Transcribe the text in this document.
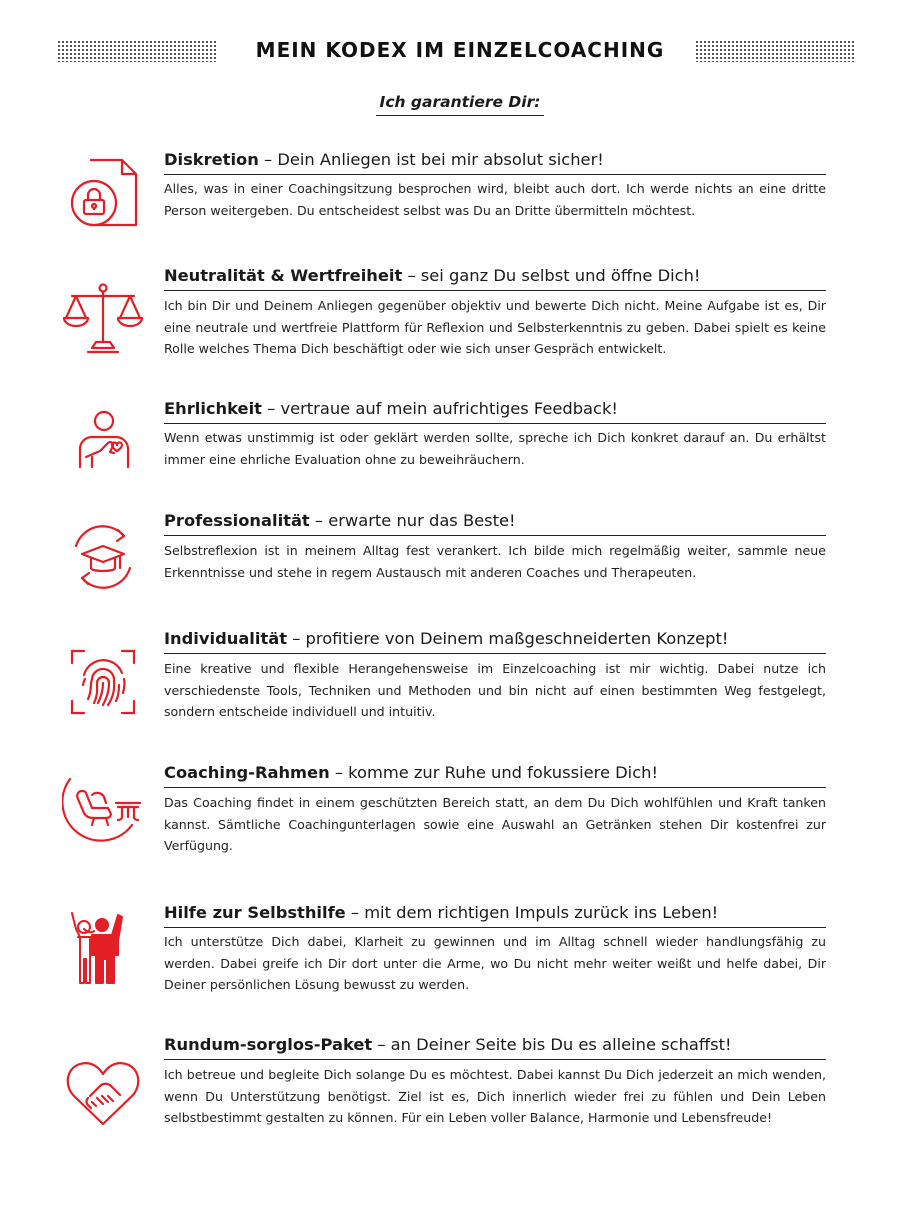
MEIN KODEX IM EINZELCOACHING
Ich garantiere Dir:
Diskretion – Dein Anliegen ist bei mir absolut sicher!
Alles, was in einer Coachingsitzung besprochen wird, bleibt auch dort. Ich werde nichts an eine dritte Person weitergeben. Du entscheidest selbst was Du an Dritte übermitteln möchtest.
Neutralität & Wertfreiheit – sei ganz Du selbst und öffne Dich!
Ich bin Dir und Deinem Anliegen gegenüber objektiv und bewerte Dich nicht. Meine Aufgabe ist es, Dir eine neutrale und wertfreie Plattform für Reflexion und Selbsterkenntnis zu geben. Dabei spielt es keine Rolle welches Thema Dich beschäftigt oder wie sich unser Gespräch entwickelt.
Ehrlichkeit – vertraue auf mein aufrichtiges Feedback!
Wenn etwas unstimmig ist oder geklärt werden sollte, spreche ich Dich konkret darauf an. Du erhältst immer eine ehrliche Evaluation ohne zu beweihräuchern.
Professionalität – erwarte nur das Beste!
Selbstreflexion ist in meinem Alltag fest verankert. Ich bilde mich regelmäßig weiter, sammle neue Erkenntnisse und stehe in regem Austausch mit anderen Coaches und Therapeuten.
Individualität – profitiere von Deinem maßgeschneiderten Konzept!
Eine kreative und flexible Herangehensweise im Einzelcoaching ist mir wichtig. Dabei nutze ich verschiedenste Tools, Techniken und Methoden und bin nicht auf einen bestimmten Weg festgelegt, sondern entscheide individuell und intuitiv.
Coaching-Rahmen – komme zur Ruhe und fokussiere Dich!
Das Coaching findet in einem geschützten Bereich statt, an dem Du Dich wohlfühlen und Kraft tanken kannst. Sämtliche Coachingunterlagen sowie eine Auswahl an Getränken stehen Dir kostenfrei zur Verfügung.
Hilfe zur Selbsthilfe – mit dem richtigen Impuls zurück ins Leben!
Ich unterstütze Dich dabei, Klarheit zu gewinnen und im Alltag schnell wieder handlungsfähig zu werden. Dabei greife ich Dir dort unter die Arme, wo Du nicht mehr weiter weißt und helfe dabei, Dir Deiner persönlichen Lösung bewusst zu werden.
Rundum-sorglos-Paket – an Deiner Seite bis Du es alleine schaffst!
Ich betreue und begleite Dich solange Du es möchtest. Dabei kannst Du Dich jederzeit an mich wenden, wenn Du Unterstützung benötigst. Ziel ist es, Dich innerlich wieder frei zu fühlen und Dein Leben selbstbestimmt gestalten zu können. Für ein Leben voller Balance, Harmonie und Lebensfreude!
